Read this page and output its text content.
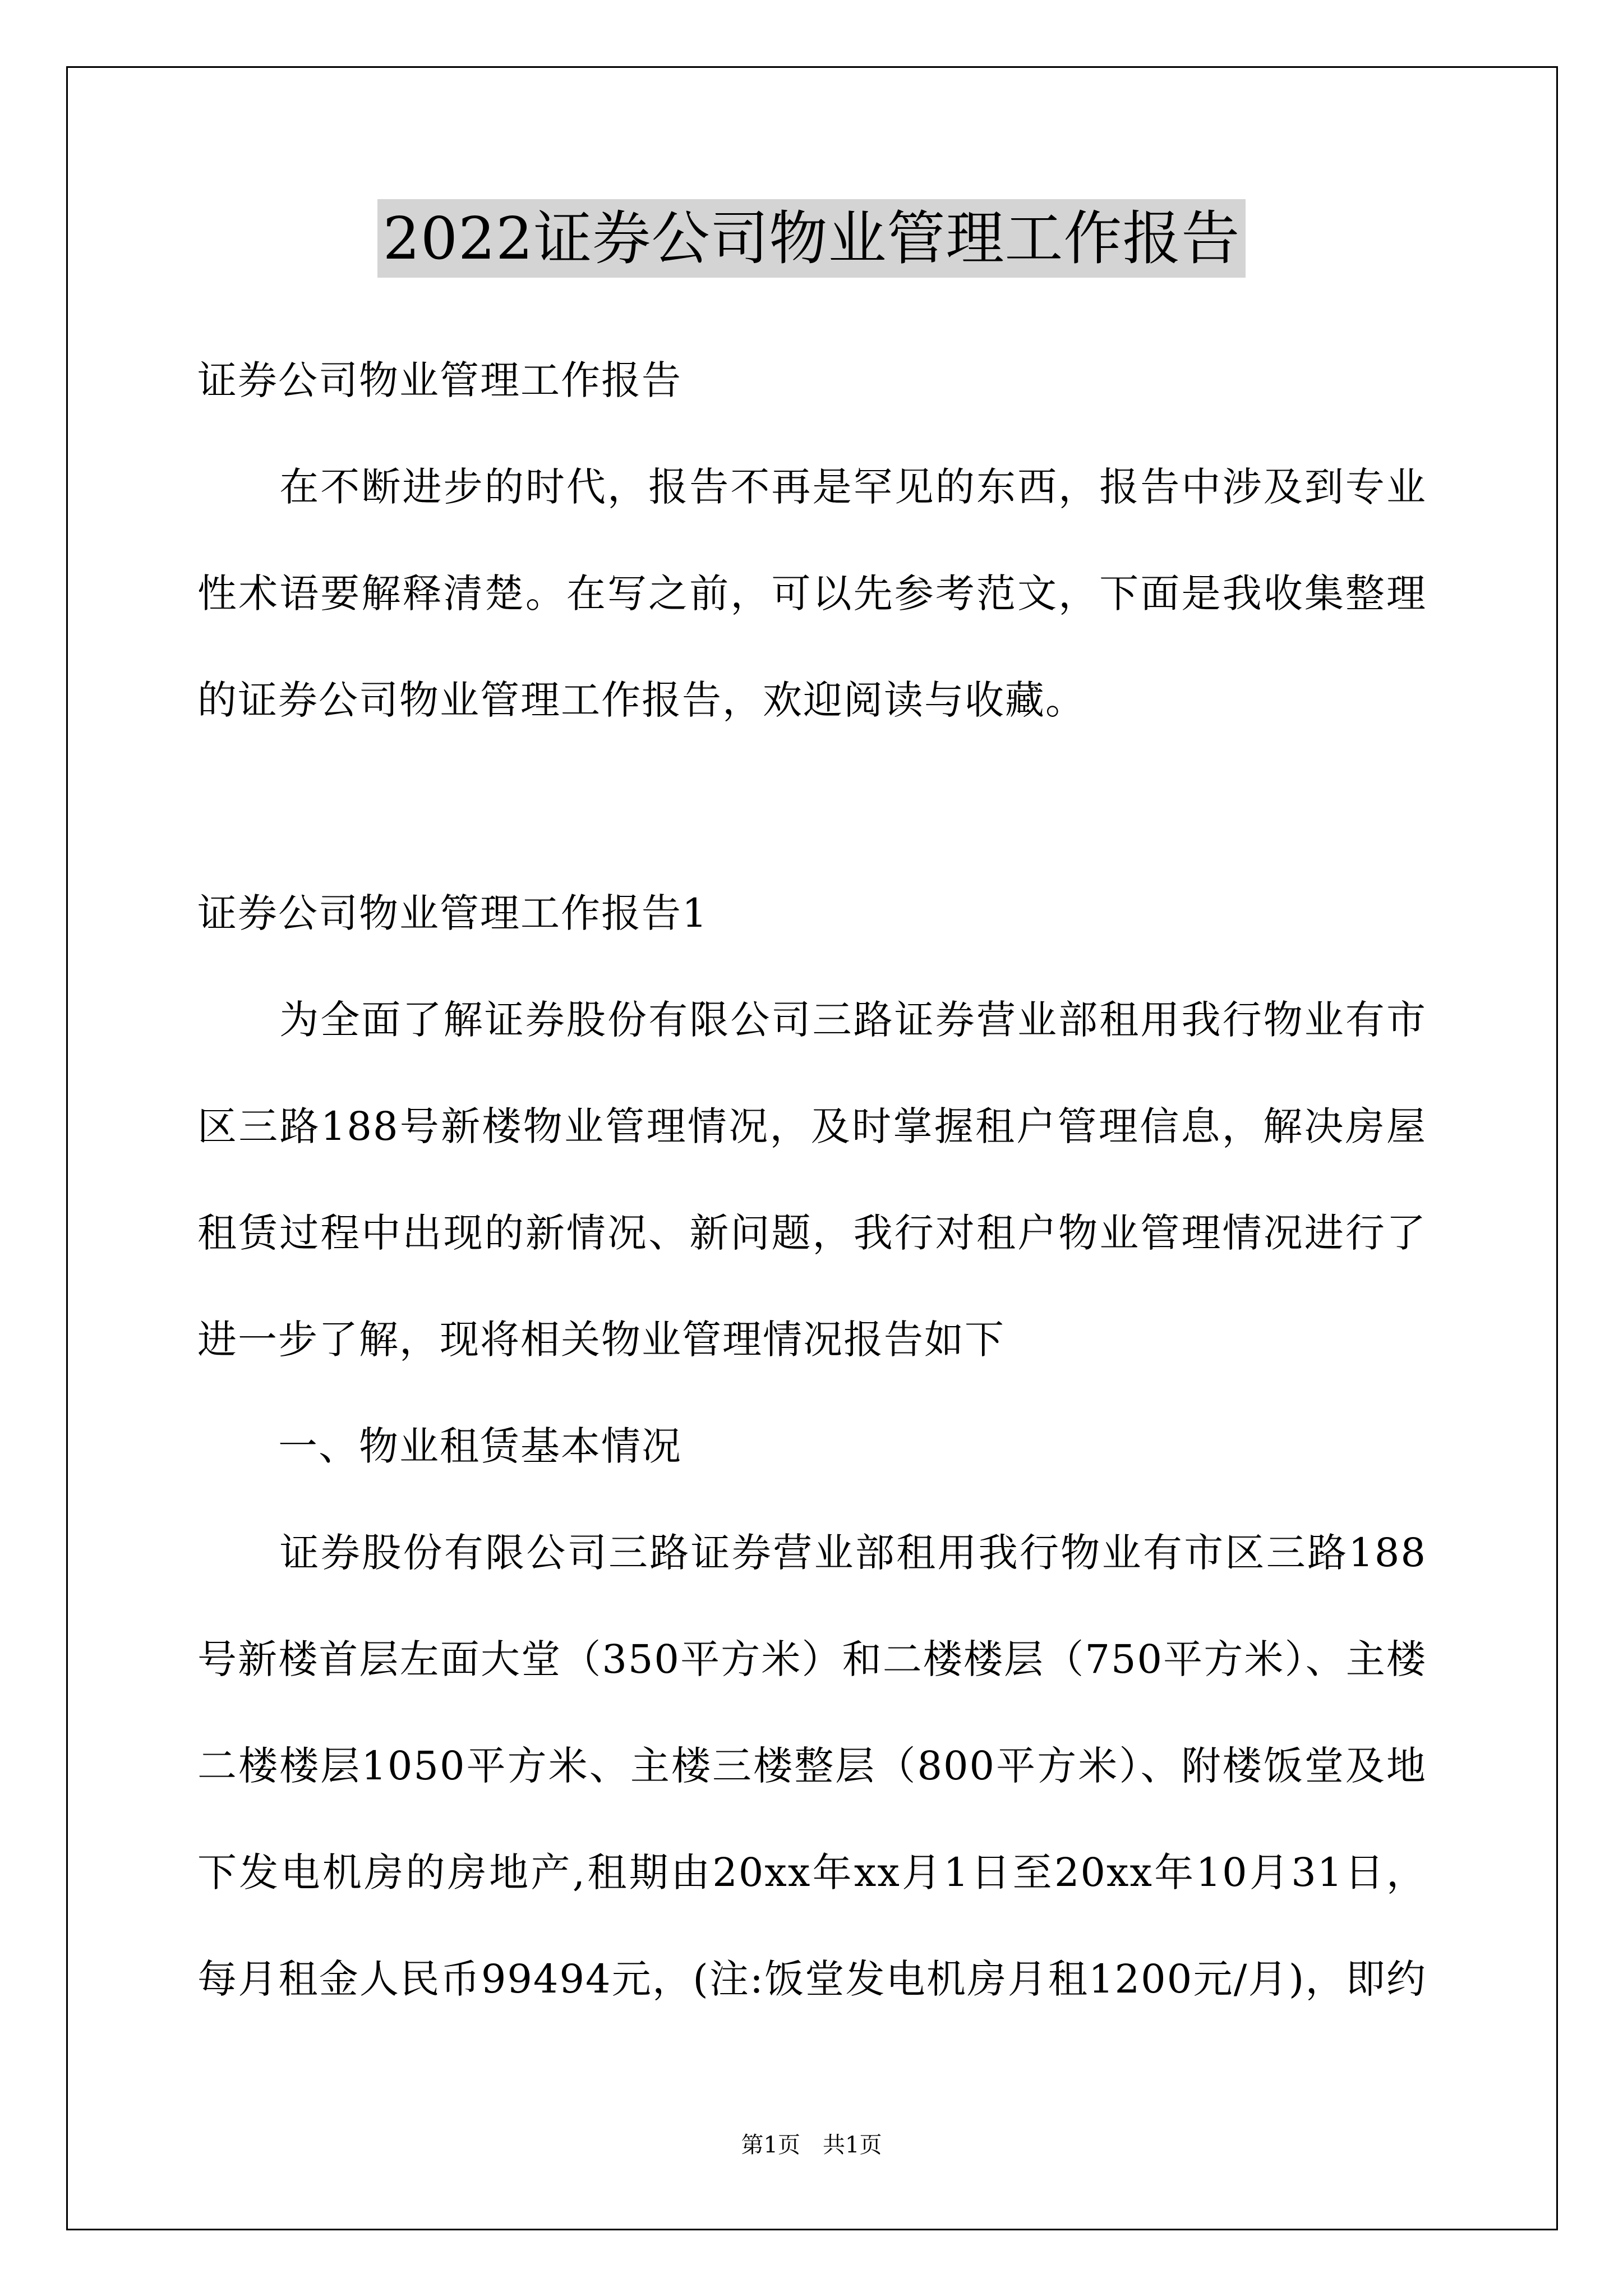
2022证券公司物业管理工作报告
证券公司物业管理工作报告
　　在不断进步的时代，报告不再是罕见的东西，报告中涉及到专业
性术语要解释清楚。在写之前，可以先参考范文，下面是我收集整理
的证券公司物业管理工作报告，欢迎阅读与收藏。
证券公司物业管理工作报告1
　　为全面了解证券股份有限公司三路证券营业部租用我行物业有市
区三路188号新楼物业管理情况，及时掌握租户管理信息，解决房屋
租赁过程中出现的新情况、新问题，我行对租户物业管理情况进行了
进一步了解，现将相关物业管理情况报告如下
　　一、物业租赁基本情况
　　证券股份有限公司三路证券营业部租用我行物业有市区三路188
号新楼首层左面大堂（350平方米）和二楼楼层（750平方米）、主楼
二楼楼层1050平方米、主楼三楼整层（800平方米）、附楼饭堂及地
下发电机房的房地产,租期由20xx年xx月1日至20xx年10月31日，
每月租金人民币99494元，(注:饭堂发电机房月租1200元/月)，即约
第1页　共1页
